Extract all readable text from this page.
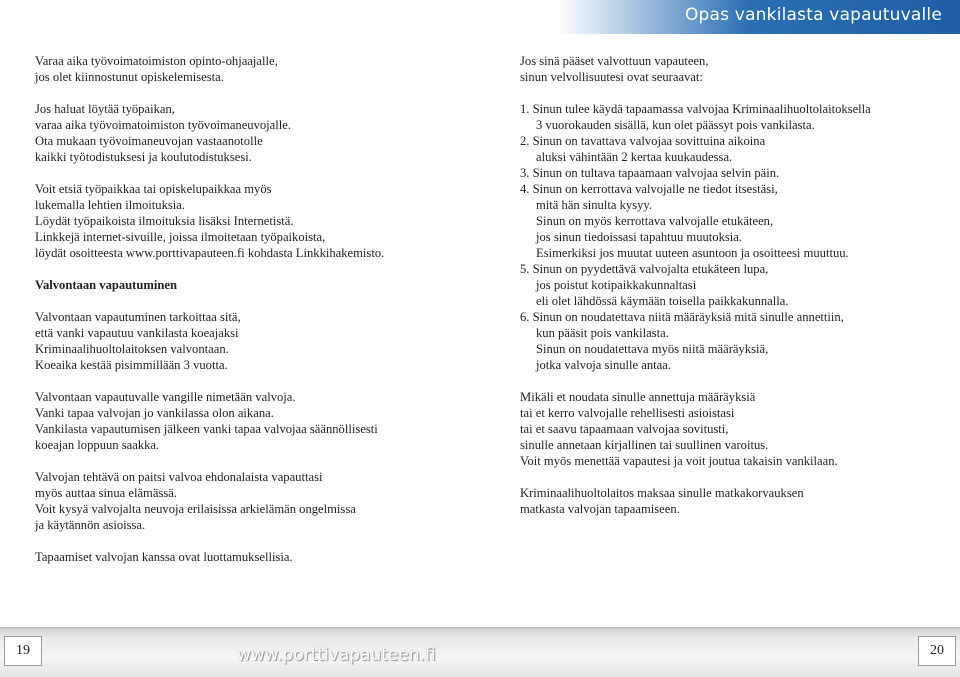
Opas vankilasta vapautuvalle

Varaa aika työvoimatoimiston opinto-ohjaajalle,
jos olet kiinnostunut opiskelemisesta.

Jos haluat löytää työpaikan,
varaa aika työvoimatoimiston työvoimaneuvojalle.
Ota mukaan työvoimaneuvojan vastaanotolle
kaikki työtodistuksesi ja koulutodistuksesi.

Voit etsiä työpaikkaa tai opiskelupaikkaa myös
lukemalla lehtien ilmoituksia.
Löydät työpaikoista ilmoituksia lisäksi Internetistä.
Linkkejä internet-sivuille, joissa ilmoitetaan työpaikoista,
löydät osoitteesta www.porttivapauteen.fi kohdasta Linkkihakemisto.

Valvontaan vapautuminen

Valvontaan vapautuminen tarkoittaa sitä,
että vanki vapautuu vankilasta koeajaksi
Kriminaalihuoltolaitoksen valvontaan.
Koeaika kestää pisimmillään 3 vuotta.

Valvontaan vapautuvalle vangille nimetään valvoja.
Vanki tapaa valvojan jo vankilassa olon aikana.
Vankilasta vapautumisen jälkeen vanki tapaa valvojaa säännöllisesti
koeajan loppuun saakka.

Valvojan tehtävä on paitsi valvoa ehdonalaista vapauttasi
myös auttaa sinua elämässä.
Voit kysyä valvojalta neuvoja erilaisissa arkielämän ongelmissa
ja käytännön asioissa.

Tapaamiset valvojan kanssa ovat luottamuksellisia.

Jos sinä pääset valvottuun vapauteen,
sinun velvollisuutesi ovat seuraavat:

1. Sinun tulee käydä tapaamassa valvojaa Kriminaalihuoltolaitoksella
3 vuorokauden sisällä, kun olet päässyt pois vankilasta.
2. Sinun on tavattava valvojaa sovittuina aikoina
aluksi vähintään 2 kertaa kuukaudessa.
3. Sinun on tultava tapaamaan valvojaa selvin päin.
4. Sinun on kerrottava valvojalle ne tiedot itsestäsi,
mitä hän sinulta kysyy.
Sinun on myös kerrottava valvojalle etukäteen,
jos sinun tiedoissasi tapahtuu muutoksia.
Esimerkiksi jos muutat uuteen asuntoon ja osoitteesi muuttuu.
5. Sinun on pyydettävä valvojalta etukäteen lupa,
jos poistut kotipaikkakunnaltasi
eli olet lähdössä käymään toisella paikkakunnalla.
6. Sinun on noudatettava niitä määräyksiä mitä sinulle annettiin,
kun pääsit pois vankilasta.
Sinun on noudatettava myös niitä määräyksiä,
jotka valvoja sinulle antaa.

Mikäli et noudata sinulle annettuja määräyksiä
tai et kerro valvojalle rehellisesti asioistasi
tai et saavu tapaamaan valvojaa sovitusti,
sinulle annetaan kirjallinen tai suullinen varoitus.
Voit myös menettää vapautesi ja voit joutua takaisin vankilaan.

Kriminaalihuoltolaitos maksaa sinulle matkakorvauksen
matkasta valvojan tapaamiseen.

19	www.porttivapauteen.fi	20
